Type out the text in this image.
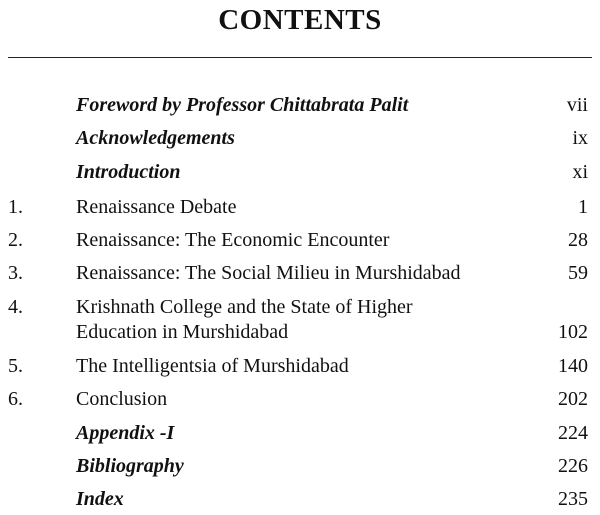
CONTENTS
Foreword by Professor Chittabrata Palit	vii
Acknowledgements	ix
Introduction	xi
1.	Renaissance Debate	1
2.	Renaissance: The Economic Encounter	28
3.	Renaissance: The Social Milieu in Murshidabad	59
4.	Krishnath College and the State of Higher
Education in Murshidabad	102
5.	The Intelligentsia of Murshidabad	140
6.	Conclusion	202
Appendix -I	224
Bibliography	226
Index	235
